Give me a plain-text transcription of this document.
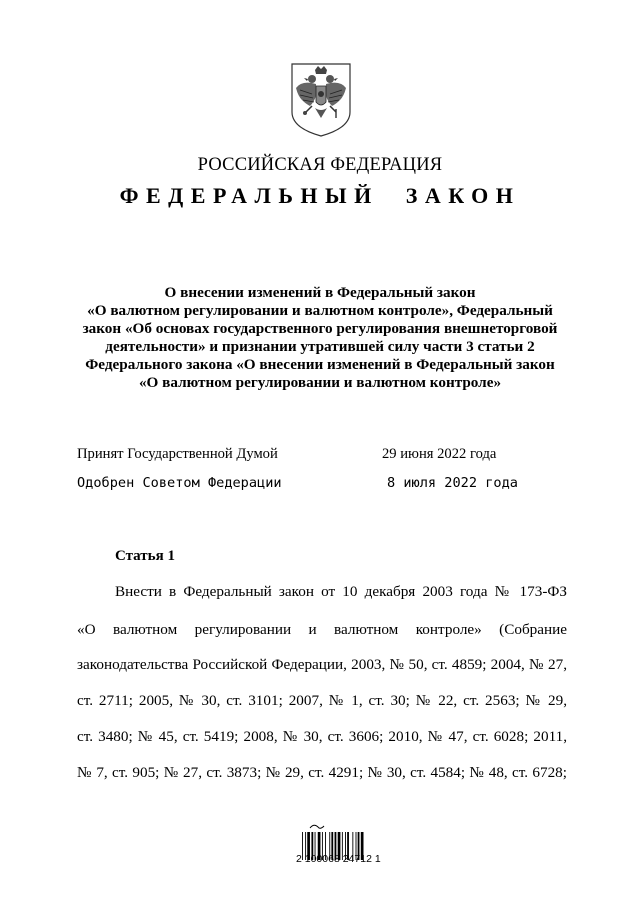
РОССИЙСКАЯ ФЕДЕРАЦИЯ
ФЕДЕРАЛЬНЫЙ ЗАКОН
О внесении изменений в Федеральный закон
«О валютном регулировании и валютном контроле», Федеральный
закон «Об основах государственного регулирования внешнеторговой
деятельности» и признании утратившей силу части 3 статьи 2
Федерального закона «О внесении изменений в Федеральный закон
«О валютном регулировании и валютном контроле»
Принят Государственной Думой	29 июня 2022 года
Одобрен Советом Федерации	8 июля 2022 года
Статья 1
Внести в Федеральный закон от 10 декабря 2003 года № 173-ФЗ
«О валютном регулировании и валютном контроле» (Собрание
законодательства Российской Федерации, 2003, № 50, ст. 4859; 2004, № 27,
ст. 2711; 2005, № 30, ст. 3101; 2007, № 1, ст. 30; № 22, ст. 2563; № 29,
ст. 3480; № 45, ст. 5419; 2008, № 30, ст. 3606; 2010, № 47, ст. 6028; 2011,
№ 7, ст. 905; № 27, ст. 3873; № 29, ст. 4291; № 30, ст. 4584; № 48, ст. 6728;
2 100068 24712 1
